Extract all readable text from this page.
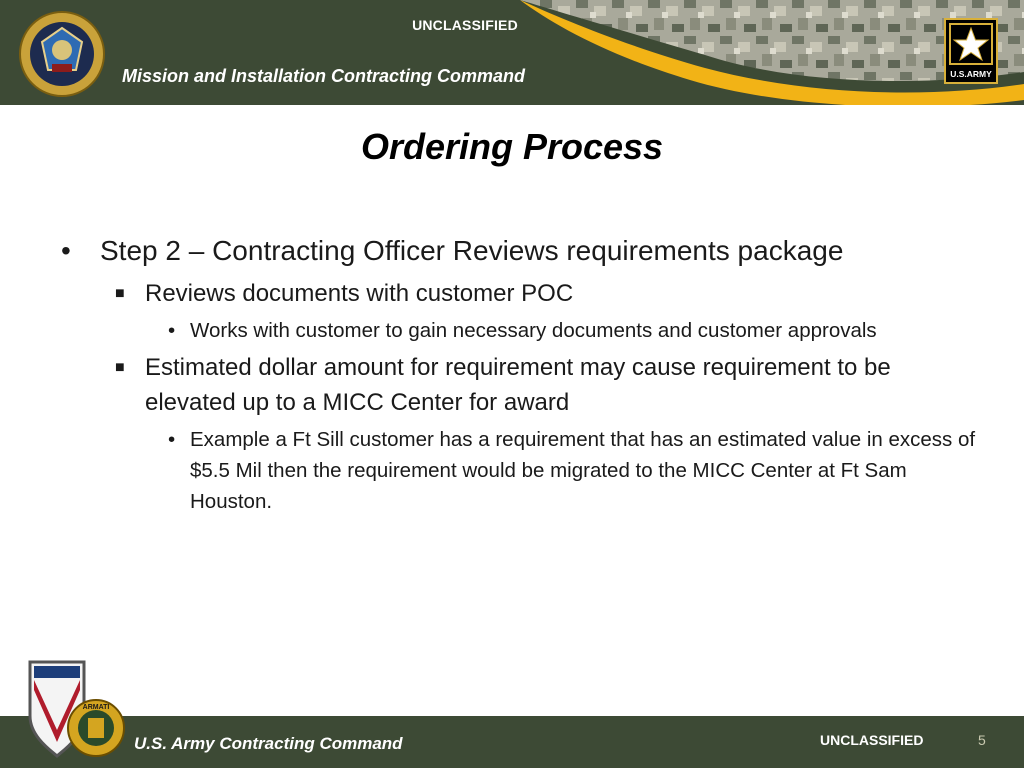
UNCLASSIFIED
Mission and Installation Contracting Command	U.S.ARMY
Ordering Process
• Step 2 – Contracting Officer Reviews requirements package
■ Reviews documents with customer POC
• Works with customer to gain necessary documents and customer approvals
■ Estimated dollar amount for requirement may cause requirement to be elevated up to a MICC Center for award
• Example a Ft Sill customer has a requirement that has an estimated value in excess of $5.5 Mil then the requirement would be migrated to the MICC Center at Ft Sam Houston.
U.S. Army Contracting Command	UNCLASSIFIED	5
ARMATI
